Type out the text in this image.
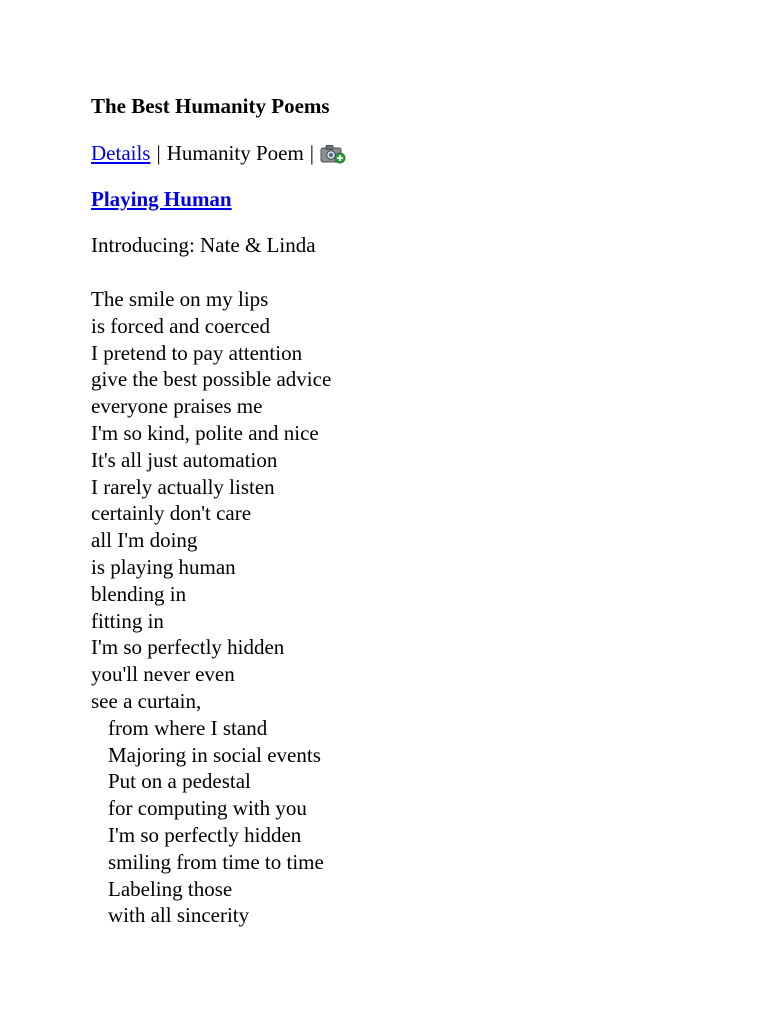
The Best Humanity Poems
Details | Humanity Poem |
Playing Human
Introducing: Nate & Linda
The smile on my lips
is forced and coerced
I pretend to pay attention
give the best possible advice
everyone praises me
I'm so kind, polite and nice
It's all just automation
I rarely actually listen
certainly don't care
all I'm doing
is playing human
blending in
fitting in
I'm so perfectly hidden
you'll never even
see a curtain,
from where I stand
Majoring in social events
Put on a pedestal
for computing with you
I'm so perfectly hidden
smiling from time to time
Labeling those
with all sincerity
